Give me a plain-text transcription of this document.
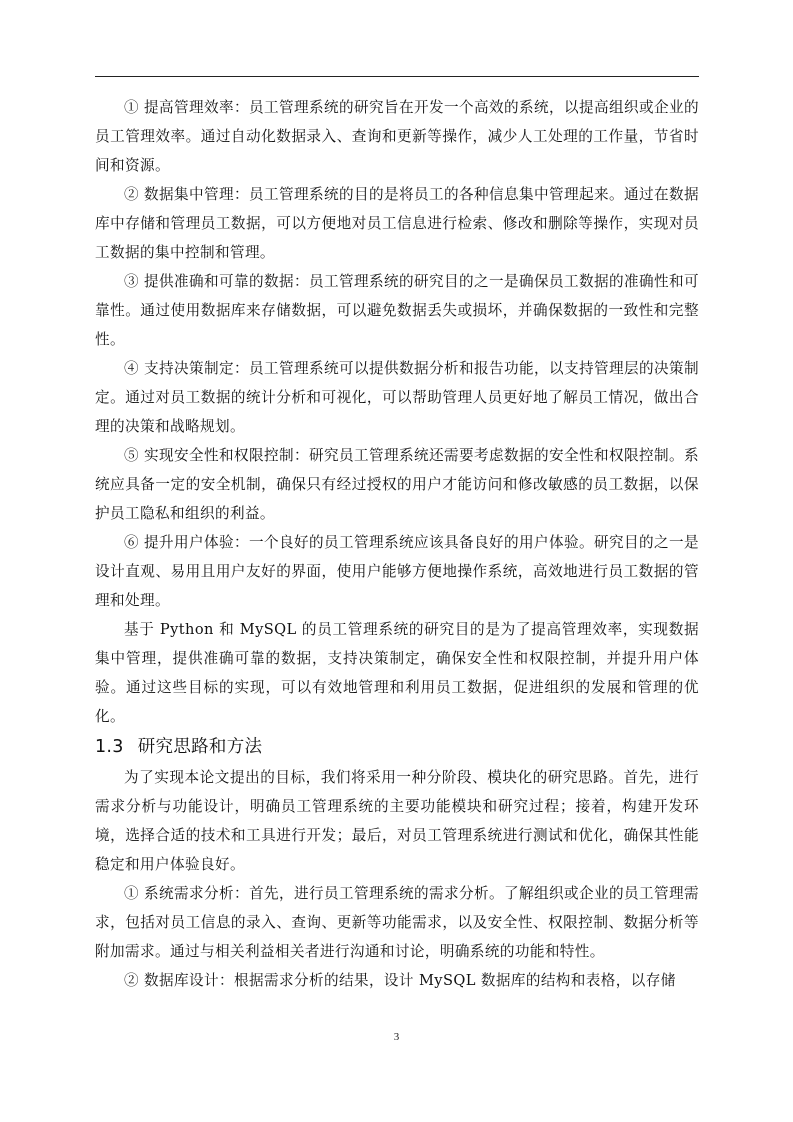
① 提高管理效率：员工管理系统的研究旨在开发一个高效的系统，以提高组织或企业的员工管理效率。通过自动化数据录入、查询和更新等操作，减少人工处理的工作量，节省时间和资源。

② 数据集中管理：员工管理系统的目的是将员工的各种信息集中管理起来。通过在数据库中存储和管理员工数据，可以方便地对员工信息进行检索、修改和删除等操作，实现对员工数据的集中控制和管理。

③ 提供准确和可靠的数据：员工管理系统的研究目的之一是确保员工数据的准确性和可靠性。通过使用数据库来存储数据，可以避免数据丢失或损坏，并确保数据的一致性和完整性。

④ 支持决策制定：员工管理系统可以提供数据分析和报告功能，以支持管理层的决策制定。通过对员工数据的统计分析和可视化，可以帮助管理人员更好地了解员工情况，做出合理的决策和战略规划。

⑤ 实现安全性和权限控制：研究员工管理系统还需要考虑数据的安全性和权限控制。系统应具备一定的安全机制，确保只有经过授权的用户才能访问和修改敏感的员工数据，以保护员工隐私和组织的利益。

⑥ 提升用户体验：一个良好的员工管理系统应该具备良好的用户体验。研究目的之一是设计直观、易用且用户友好的界面，使用户能够方便地操作系统，高效地进行员工数据的管理和处理。

基于 Python 和 MySQL 的员工管理系统的研究目的是为了提高管理效率，实现数据集中管理，提供准确可靠的数据，支持决策制定，确保安全性和权限控制，并提升用户体验。通过这些目标的实现，可以有效地管理和利用员工数据，促进组织的发展和管理的优化。

1.3 研究思路和方法

为了实现本论文提出的目标，我们将采用一种分阶段、模块化的研究思路。首先，进行需求分析与功能设计，明确员工管理系统的主要功能模块和研究过程；接着，构建开发环境，选择合适的技术和工具进行开发；最后，对员工管理系统进行测试和优化，确保其性能稳定和用户体验良好。

① 系统需求分析：首先，进行员工管理系统的需求分析。了解组织或企业的员工管理需求，包括对员工信息的录入、查询、更新等功能需求，以及安全性、权限控制、数据分析等附加需求。通过与相关利益相关者进行沟通和讨论，明确系统的功能和特性。

② 数据库设计：根据需求分析的结果，设计 MySQL 数据库的结构和表格，以存储

3
